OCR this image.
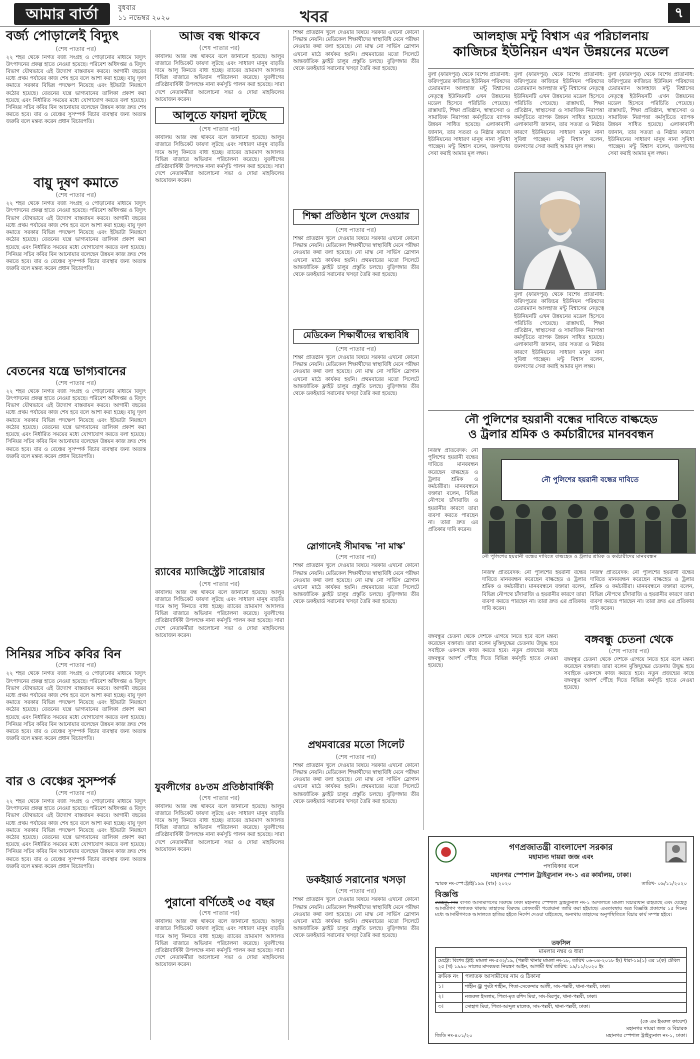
আমার বার্তা	বুধবার
১১ নভেম্বর ২০২০	খবর	৭
বর্জ্য পোড়ালেই বিদ্যুৎ
(শেষ পাতার পর)
২২ শহর থেকে নির্গত বর্জ্য সংগ্রহ ও পোড়ানোর মাধ্যমে বিদ্যুৎ উৎপাদনের প্রকল্প হাতে নেওয়া হয়েছে। পরিবেশ অধিদপ্তর ও বিদ্যুৎ বিভাগ যৌথভাবে এই উদ্যোগ বাস্তবায়ন করবে। আগামী বছরের মধ্যে প্রথম পর্যায়ের কাজ শেষ হবে বলে আশা করা হচ্ছে। বায়ু দূষণ কমাতে সরকার বিভিন্ন পদক্ষেপ নিয়েছে এবং ইটভাটা নিয়ন্ত্রণে কঠোর হয়েছে। বেতনের যন্ত্রে ভাগ্যবানের তালিকা প্রকাশ করা হয়েছে এবং নির্ধারিত সময়ের মধ্যে যোগাযোগ করতে বলা হয়েছে। সিনিয়র সচিব কবির বিন আনোয়ার বলেছেন উন্নয়ন কাজ দ্রুত শেষ করতে হবে। বার ও বেঞ্চের সুসম্পর্ক বিচার ব্যবস্থার জন্য অত্যন্ত জরুরি বলে মন্তব্য করেন প্রধান বিচারপতি।
বায়ু দূষণ কমাতে
(শেষ পাতার পর)
২২ শহর থেকে নির্গত বর্জ্য সংগ্রহ ও পোড়ানোর মাধ্যমে বিদ্যুৎ উৎপাদনের প্রকল্প হাতে নেওয়া হয়েছে। পরিবেশ অধিদপ্তর ও বিদ্যুৎ বিভাগ যৌথভাবে এই উদ্যোগ বাস্তবায়ন করবে। আগামী বছরের মধ্যে প্রথম পর্যায়ের কাজ শেষ হবে বলে আশা করা হচ্ছে। বায়ু দূষণ কমাতে সরকার বিভিন্ন পদক্ষেপ নিয়েছে এবং ইটভাটা নিয়ন্ত্রণে কঠোর হয়েছে। বেতনের যন্ত্রে ভাগ্যবানের তালিকা প্রকাশ করা হয়েছে এবং নির্ধারিত সময়ের মধ্যে যোগাযোগ করতে বলা হয়েছে। সিনিয়র সচিব কবির বিন আনোয়ার বলেছেন উন্নয়ন কাজ দ্রুত শেষ করতে হবে। বার ও বেঞ্চের সুসম্পর্ক বিচার ব্যবস্থার জন্য অত্যন্ত জরুরি বলে মন্তব্য করেন প্রধান বিচারপতি।
বেতনের যন্ত্রে ভাগ্যবানের
(শেষ পাতার পর)
২২ শহর থেকে নির্গত বর্জ্য সংগ্রহ ও পোড়ানোর মাধ্যমে বিদ্যুৎ উৎপাদনের প্রকল্প হাতে নেওয়া হয়েছে। পরিবেশ অধিদপ্তর ও বিদ্যুৎ বিভাগ যৌথভাবে এই উদ্যোগ বাস্তবায়ন করবে। আগামী বছরের মধ্যে প্রথম পর্যায়ের কাজ শেষ হবে বলে আশা করা হচ্ছে। বায়ু দূষণ কমাতে সরকার বিভিন্ন পদক্ষেপ নিয়েছে এবং ইটভাটা নিয়ন্ত্রণে কঠোর হয়েছে। বেতনের যন্ত্রে ভাগ্যবানের তালিকা প্রকাশ করা হয়েছে এবং নির্ধারিত সময়ের মধ্যে যোগাযোগ করতে বলা হয়েছে। সিনিয়র সচিব কবির বিন আনোয়ার বলেছেন উন্নয়ন কাজ দ্রুত শেষ করতে হবে। বার ও বেঞ্চের সুসম্পর্ক বিচার ব্যবস্থার জন্য অত্যন্ত জরুরি বলে মন্তব্য করেন প্রধান বিচারপতি।
সিনিয়র সচিব কবির বিন
(শেষ পাতার পর)
২২ শহর থেকে নির্গত বর্জ্য সংগ্রহ ও পোড়ানোর মাধ্যমে বিদ্যুৎ উৎপাদনের প্রকল্প হাতে নেওয়া হয়েছে। পরিবেশ অধিদপ্তর ও বিদ্যুৎ বিভাগ যৌথভাবে এই উদ্যোগ বাস্তবায়ন করবে। আগামী বছরের মধ্যে প্রথম পর্যায়ের কাজ শেষ হবে বলে আশা করা হচ্ছে। বায়ু দূষণ কমাতে সরকার বিভিন্ন পদক্ষেপ নিয়েছে এবং ইটভাটা নিয়ন্ত্রণে কঠোর হয়েছে। বেতনের যন্ত্রে ভাগ্যবানের তালিকা প্রকাশ করা হয়েছে এবং নির্ধারিত সময়ের মধ্যে যোগাযোগ করতে বলা হয়েছে। সিনিয়র সচিব কবির বিন আনোয়ার বলেছেন উন্নয়ন কাজ দ্রুত শেষ করতে হবে। বার ও বেঞ্চের সুসম্পর্ক বিচার ব্যবস্থার জন্য অত্যন্ত জরুরি বলে মন্তব্য করেন প্রধান বিচারপতি।
বার ও বেঞ্চের সুসম্পর্ক
(শেষ পাতার পর)
২২ শহর থেকে নির্গত বর্জ্য সংগ্রহ ও পোড়ানোর মাধ্যমে বিদ্যুৎ উৎপাদনের প্রকল্প হাতে নেওয়া হয়েছে। পরিবেশ অধিদপ্তর ও বিদ্যুৎ বিভাগ যৌথভাবে এই উদ্যোগ বাস্তবায়ন করবে। আগামী বছরের মধ্যে প্রথম পর্যায়ের কাজ শেষ হবে বলে আশা করা হচ্ছে। বায়ু দূষণ কমাতে সরকার বিভিন্ন পদক্ষেপ নিয়েছে এবং ইটভাটা নিয়ন্ত্রণে কঠোর হয়েছে। বেতনের যন্ত্রে ভাগ্যবানের তালিকা প্রকাশ করা হয়েছে এবং নির্ধারিত সময়ের মধ্যে যোগাযোগ করতে বলা হয়েছে। সিনিয়র সচিব কবির বিন আনোয়ার বলেছেন উন্নয়ন কাজ দ্রুত শেষ করতে হবে। বার ও বেঞ্চের সুসম্পর্ক বিচার ব্যবস্থার জন্য অত্যন্ত জরুরি বলে মন্তব্য করেন প্রধান বিচারপতি।
আজ বন্ধ থাকবে
(শেষ পাতার পর)
কার্যালয় আজ বন্ধ থাকবে বলে জানানো হয়েছে। আলুর বাজারে সিন্ডিকেট ফায়দা লুটছে এবং সাধারণ মানুষ বাড়তি দামে আলু কিনতে বাধ্য হচ্ছে। র‍্যাবের ভ্রাম্যমাণ আদালত বিভিন্ন বাজারে অভিযান পরিচালনা করেছে। যুবলীগের প্রতিষ্ঠাবার্ষিকী উপলক্ষে নানা কর্মসূচি পালন করা হয়েছে। সারা দেশে নেতাকর্মীরা আলোচনা সভা ও দোয়া মাহফিলের আয়োজন করেন।
আলুতে ফায়দা লুটছে
(শেষ পাতার পর)
কার্যালয় আজ বন্ধ থাকবে বলে জানানো হয়েছে। আলুর বাজারে সিন্ডিকেট ফায়দা লুটছে এবং সাধারণ মানুষ বাড়তি দামে আলু কিনতে বাধ্য হচ্ছে। র‍্যাবের ভ্রাম্যমাণ আদালত বিভিন্ন বাজারে অভিযান পরিচালনা করেছে। যুবলীগের প্রতিষ্ঠাবার্ষিকী উপলক্ষে নানা কর্মসূচি পালন করা হয়েছে। সারা দেশে নেতাকর্মীরা আলোচনা সভা ও দোয়া মাহফিলের আয়োজন করেন।
র‍্যাবের ম্যাজিস্ট্রেট সারোয়ার
(শেষ পাতার পর)
কার্যালয় আজ বন্ধ থাকবে বলে জানানো হয়েছে। আলুর বাজারে সিন্ডিকেট ফায়দা লুটছে এবং সাধারণ মানুষ বাড়তি দামে আলু কিনতে বাধ্য হচ্ছে। র‍্যাবের ভ্রাম্যমাণ আদালত বিভিন্ন বাজারে অভিযান পরিচালনা করেছে। যুবলীগের প্রতিষ্ঠাবার্ষিকী উপলক্ষে নানা কর্মসূচি পালন করা হয়েছে। সারা দেশে নেতাকর্মীরা আলোচনা সভা ও দোয়া মাহফিলের আয়োজন করেন।
যুবলীগের ৪৮তম প্রতিষ্ঠাবার্ষিকী
(শেষ পাতার পর)
কার্যালয় আজ বন্ধ থাকবে বলে জানানো হয়েছে। আলুর বাজারে সিন্ডিকেট ফায়দা লুটছে এবং সাধারণ মানুষ বাড়তি দামে আলু কিনতে বাধ্য হচ্ছে। র‍্যাবের ভ্রাম্যমাণ আদালত বিভিন্ন বাজারে অভিযান পরিচালনা করেছে। যুবলীগের প্রতিষ্ঠাবার্ষিকী উপলক্ষে নানা কর্মসূচি পালন করা হয়েছে। সারা দেশে নেতাকর্মীরা আলোচনা সভা ও দোয়া মাহফিলের আয়োজন করেন।
পুরানো বর্ণিতেই ৩৫ বছর
(শেষ পাতার পর)
কার্যালয় আজ বন্ধ থাকবে বলে জানানো হয়েছে। আলুর বাজারে সিন্ডিকেট ফায়দা লুটছে এবং সাধারণ মানুষ বাড়তি দামে আলু কিনতে বাধ্য হচ্ছে। র‍্যাবের ভ্রাম্যমাণ আদালত বিভিন্ন বাজারে অভিযান পরিচালনা করেছে। যুবলীগের প্রতিষ্ঠাবার্ষিকী উপলক্ষে নানা কর্মসূচি পালন করা হয়েছে। সারা দেশে নেতাকর্মীরা আলোচনা সভা ও দোয়া মাহফিলের আয়োজন করেন।
শিক্ষা প্রতিষ্ঠান খুলে দেওয়ার বিষয়ে সরকার এখনো কোনো সিদ্ধান্ত নেয়নি। মেডিকেল শিক্ষার্থীদের স্বাস্থ্যবিধি মেনে পরীক্ষা নেওয়ার কথা বলা হয়েছে। নো মাস্ক নো সার্ভিস স্লোগান এখনো মাঠে কার্যকর হয়নি। প্রথমবারের মতো সিলেটে আন্তর্জাতিক ফ্লাইট চালুর প্রস্তুতি চলছে। বুড়িগঙ্গার তীর থেকে ডকইয়ার্ড সরানোর খসড়া তৈরি করা হয়েছে।
শিক্ষা প্রতিষ্ঠান খুলে দেওয়ার
(শেষ পাতার পর)
শিক্ষা প্রতিষ্ঠান খুলে দেওয়ার বিষয়ে সরকার এখনো কোনো সিদ্ধান্ত নেয়নি। মেডিকেল শিক্ষার্থীদের স্বাস্থ্যবিধি মেনে পরীক্ষা নেওয়ার কথা বলা হয়েছে। নো মাস্ক নো সার্ভিস স্লোগান এখনো মাঠে কার্যকর হয়নি। প্রথমবারের মতো সিলেটে আন্তর্জাতিক ফ্লাইট চালুর প্রস্তুতি চলছে। বুড়িগঙ্গার তীর থেকে ডকইয়ার্ড সরানোর খসড়া তৈরি করা হয়েছে।
মেডিকেল শিক্ষার্থীদের স্বাস্থ্যবিধি
(শেষ পাতার পর)
শিক্ষা প্রতিষ্ঠান খুলে দেওয়ার বিষয়ে সরকার এখনো কোনো সিদ্ধান্ত নেয়নি। মেডিকেল শিক্ষার্থীদের স্বাস্থ্যবিধি মেনে পরীক্ষা নেওয়ার কথা বলা হয়েছে। নো মাস্ক নো সার্ভিস স্লোগান এখনো মাঠে কার্যকর হয়নি। প্রথমবারের মতো সিলেটে আন্তর্জাতিক ফ্লাইট চালুর প্রস্তুতি চলছে। বুড়িগঙ্গার তীর থেকে ডকইয়ার্ড সরানোর খসড়া তৈরি করা হয়েছে।
স্লোগানেই সীমাবদ্ধ 'না মাস্ক'
(শেষ পাতার পর)
শিক্ষা প্রতিষ্ঠান খুলে দেওয়ার বিষয়ে সরকার এখনো কোনো সিদ্ধান্ত নেয়নি। মেডিকেল শিক্ষার্থীদের স্বাস্থ্যবিধি মেনে পরীক্ষা নেওয়ার কথা বলা হয়েছে। নো মাস্ক নো সার্ভিস স্লোগান এখনো মাঠে কার্যকর হয়নি। প্রথমবারের মতো সিলেটে আন্তর্জাতিক ফ্লাইট চালুর প্রস্তুতি চলছে। বুড়িগঙ্গার তীর থেকে ডকইয়ার্ড সরানোর খসড়া তৈরি করা হয়েছে।
প্রথমবারের মতো সিলেট
(শেষ পাতার পর)
শিক্ষা প্রতিষ্ঠান খুলে দেওয়ার বিষয়ে সরকার এখনো কোনো সিদ্ধান্ত নেয়নি। মেডিকেল শিক্ষার্থীদের স্বাস্থ্যবিধি মেনে পরীক্ষা নেওয়ার কথা বলা হয়েছে। নো মাস্ক নো সার্ভিস স্লোগান এখনো মাঠে কার্যকর হয়নি। প্রথমবারের মতো সিলেটে আন্তর্জাতিক ফ্লাইট চালুর প্রস্তুতি চলছে। বুড়িগঙ্গার তীর থেকে ডকইয়ার্ড সরানোর খসড়া তৈরি করা হয়েছে।
ডকইয়ার্ড সরানোর খসড়া
(শেষ পাতার পর)
শিক্ষা প্রতিষ্ঠান খুলে দেওয়ার বিষয়ে সরকার এখনো কোনো সিদ্ধান্ত নেয়নি। মেডিকেল শিক্ষার্থীদের স্বাস্থ্যবিধি মেনে পরীক্ষা নেওয়ার কথা বলা হয়েছে। নো মাস্ক নো সার্ভিস স্লোগান এখনো মাঠে কার্যকর হয়নি। প্রথমবারের মতো সিলেটে আন্তর্জাতিক ফ্লাইট চালুর প্রস্তুতি চলছে। বুড়িগঙ্গার তীর থেকে ডকইয়ার্ড সরানোর খসড়া তৈরি করা হয়েছে।
আলহাজ মন্টু বিশ্বাস এর পরিচালনায়
কাজিচর ইউনিয়ন এখন উন্নয়নের মডেল
বুলা (ফরিদপুর) থেকে বিশেষ প্রতিনিধি: ফরিদপুরের কাজিচর ইউনিয়ন পরিষদের চেয়ারম্যান আলহাজ মন্টু বিশ্বাসের নেতৃত্বে ইউনিয়নটি এখন উন্নয়নের মডেল হিসেবে পরিচিতি পেয়েছে। রাস্তাঘাট, শিক্ষা প্রতিষ্ঠান, স্বাস্থ্যসেবা ও সামাজিক নিরাপত্তা কর্মসূচিতে ব্যাপক উন্নয়ন সাধিত হয়েছে। এলাকাবাসী জানান, তার সততা ও নিষ্ঠার কারণে ইউনিয়নের সাধারণ মানুষ নানা সুবিধা পাচ্ছেন। মন্টু বিশ্বাস বলেন, জনগণের সেবা করাই আমার মূল লক্ষ্য।
বুলা (ফরিদপুর) থেকে বিশেষ প্রতিনিধি: ফরিদপুরের কাজিচর ইউনিয়ন পরিষদের চেয়ারম্যান আলহাজ মন্টু বিশ্বাসের নেতৃত্বে ইউনিয়নটি এখন উন্নয়নের মডেল হিসেবে পরিচিতি পেয়েছে। রাস্তাঘাট, শিক্ষা প্রতিষ্ঠান, স্বাস্থ্যসেবা ও সামাজিক নিরাপত্তা কর্মসূচিতে ব্যাপক উন্নয়ন সাধিত হয়েছে। এলাকাবাসী জানান, তার সততা ও নিষ্ঠার কারণে ইউনিয়নের সাধারণ মানুষ নানা সুবিধা পাচ্ছেন। মন্টু বিশ্বাস বলেন, জনগণের সেবা করাই আমার মূল লক্ষ্য।
বুলা (ফরিদপুর) থেকে বিশেষ প্রতিনিধি: ফরিদপুরের কাজিচর ইউনিয়ন পরিষদের চেয়ারম্যান আলহাজ মন্টু বিশ্বাসের নেতৃত্বে ইউনিয়নটি এখন উন্নয়নের মডেল হিসেবে পরিচিতি পেয়েছে। রাস্তাঘাট, শিক্ষা প্রতিষ্ঠান, স্বাস্থ্যসেবা ও সামাজিক নিরাপত্তা কর্মসূচিতে ব্যাপক উন্নয়ন সাধিত হয়েছে। এলাকাবাসী জানান, তার সততা ও নিষ্ঠার কারণে ইউনিয়নের সাধারণ মানুষ নানা সুবিধা পাচ্ছেন। মন্টু বিশ্বাস বলেন, জনগণের সেবা করাই আমার মূল লক্ষ্য।
বুলা (ফরিদপুর) থেকে বিশেষ প্রতিনিধি: ফরিদপুরের কাজিচর ইউনিয়ন পরিষদের চেয়ারম্যান আলহাজ মন্টু বিশ্বাসের নেতৃত্বে ইউনিয়নটি এখন উন্নয়নের মডেল হিসেবে পরিচিতি পেয়েছে। রাস্তাঘাট, শিক্ষা প্রতিষ্ঠান, স্বাস্থ্যসেবা ও সামাজিক নিরাপত্তা কর্মসূচিতে ব্যাপক উন্নয়ন সাধিত হয়েছে। এলাকাবাসী জানান, তার সততা ও নিষ্ঠার কারণে ইউনিয়নের সাধারণ মানুষ নানা সুবিধা পাচ্ছেন। মন্টু বিশ্বাস বলেন, জনগণের সেবা করাই আমার মূল লক্ষ্য।
নৌ পুলিশের হয়রানী বন্ধের দাবিতে বাল্কহেড
ও ট্রলার শ্রমিক ও কর্মচারীদের মানববন্ধন
নিজস্ব প্রতিবেদক: নৌ পুলিশের হয়রানী বন্ধের দাবিতে মানববন্ধন করেছেন বাল্কহেড ও ট্রলার শ্রমিক ও কর্মচারীরা। মানববন্ধনে বক্তারা বলেন, বিভিন্ন নৌপথে চাঁদাবাজি ও হয়রানীর কারণে তারা ব্যবসা করতে পারছেন না। তারা দ্রুত এর প্রতিকার দাবি করেন।
নৌ পুলিশের হয়রানী বন্ধের দাবিতে
নৌ পুলিশের হয়রানী বন্ধের দাবিতে বাল্কহেড ও ট্রলার শ্রমিক ও কর্মচারীদের মানববন্ধন
নিজস্ব প্রতিবেদক: নৌ পুলিশের হয়রানী বন্ধের দাবিতে মানববন্ধন করেছেন বাল্কহেড ও ট্রলার শ্রমিক ও কর্মচারীরা। মানববন্ধনে বক্তারা বলেন, বিভিন্ন নৌপথে চাঁদাবাজি ও হয়রানীর কারণে তারা ব্যবসা করতে পারছেন না। তারা দ্রুত এর প্রতিকার দাবি করেন।
নিজস্ব প্রতিবেদক: নৌ পুলিশের হয়রানী বন্ধের দাবিতে মানববন্ধন করেছেন বাল্কহেড ও ট্রলার শ্রমিক ও কর্মচারীরা। মানববন্ধনে বক্তারা বলেন, বিভিন্ন নৌপথে চাঁদাবাজি ও হয়রানীর কারণে তারা ব্যবসা করতে পারছেন না। তারা দ্রুত এর প্রতিকার দাবি করেন।
বঙ্গবন্ধুর চেতনা থেকে দেশকে এগিয়ে নিতে হবে বলে মন্তব্য করেছেন বক্তারা। তারা বলেন মুক্তিযুদ্ধের চেতনায় উদ্বুদ্ধ হয়ে সবাইকে একসঙ্গে কাজ করতে হবে। নতুন প্রজন্মের কাছে বঙ্গবন্ধুর আদর্শ পৌঁছে দিতে বিভিন্ন কর্মসূচি হাতে নেওয়া হয়েছে।
বঙ্গবন্ধু চেতনা থেকে
(শেষ পাতার পর)
বঙ্গবন্ধুর চেতনা থেকে দেশকে এগিয়ে নিতে হবে বলে মন্তব্য করেছেন বক্তারা। তারা বলেন মুক্তিযুদ্ধের চেতনায় উদ্বুদ্ধ হয়ে সবাইকে একসঙ্গে কাজ করতে হবে। নতুন প্রজন্মের কাছে বঙ্গবন্ধুর আদর্শ পৌঁছে দিতে বিভিন্ন কর্মসূচি হাতে নেওয়া হয়েছে।
গণপ্রজাতন্ত্রী বাংলাদেশ সরকার
মহামান্য দায়রা জজ এবং
পদাধিকার বলে
মহানগর স্পেশাল ট্রাইব্যুনাল নং-১ এর কার্যালয়, ঢাকা।
স্মারক নং-স্পে:ট্রাই/১৯৯ (বাঃ) ২০২০	তারিখ- ০৯/১১/২০২০
বিজ্ঞপ্তি
যেহেতু, নিম্ন বর্ণিত আসামীগণের বিরুদ্ধে ঢাকা মহানগর স্পেশাল ট্রাইব্যুনাল নং-১ আদালতে মামলা বিচারাধীন রহিয়াছে এবং যেহেতু আসামীগণ পলাতক থাকায় তাহাদের বিরুদ্ধে গ্রেফতারী পরোয়ানা জারি করা হইয়াছে। এমতাবস্থায় অত্র বিজ্ঞপ্তি প্রকাশের ১৫ দিনের মধ্যে আসামীগণকে আদালতে হাজির হইতে নির্দেশ দেওয়া যাইতেছে, অন্যথায় তাহাদের অনুপস্থিতিতে বিচার কার্য সম্পন্ন হইবে।
তফসিল
মামলার নম্বর ও ধারা	
মেট্রো: বিশেষ ট্রাই: মামলা নং-৫৩২/১৯, (পল্লবী থানার মামলা নং-১৮, তারিখ ০৬-০৪-২০১৮ ইং) ধারা-১৯(১) এর ১(ক) টেবিল ২৫ (খ) ১৯৯০ সালের মাদকদ্রব্য নিয়ন্ত্রণ আইন, আগামী ধার্য তারিখ: ১৯/১১/২০২০ ইং	
ক্রমিক নং	পলাতক আসামীদের নাম ও ঠিকানা
১।	শাহীন @ পুংটা শাহীন, পিতা-সেকেন্দার আলী, সাং-পল্লবী, থানা-পল্লবী, ঢাকা।
২।	নজরুল ইসলাম, পিতা-মৃত রশিদ মিয়া, সাং-মিরপুর, থানা-পল্লবী, ঢাকা।
৩।	সোহাগ মিয়া, পিতা-আব্দুল মালেক, সাং-পল্লবী, থানা-পল্লবী, ঢাকা।
(কে এম ইমরুল কায়েশ)
মহানগর দায়রা জজ ও বিচারক
জিডি নং-৪০১/২০	মহানগর স্পেশাল ট্রাইব্যুনাল নং-১, ঢাকা।
